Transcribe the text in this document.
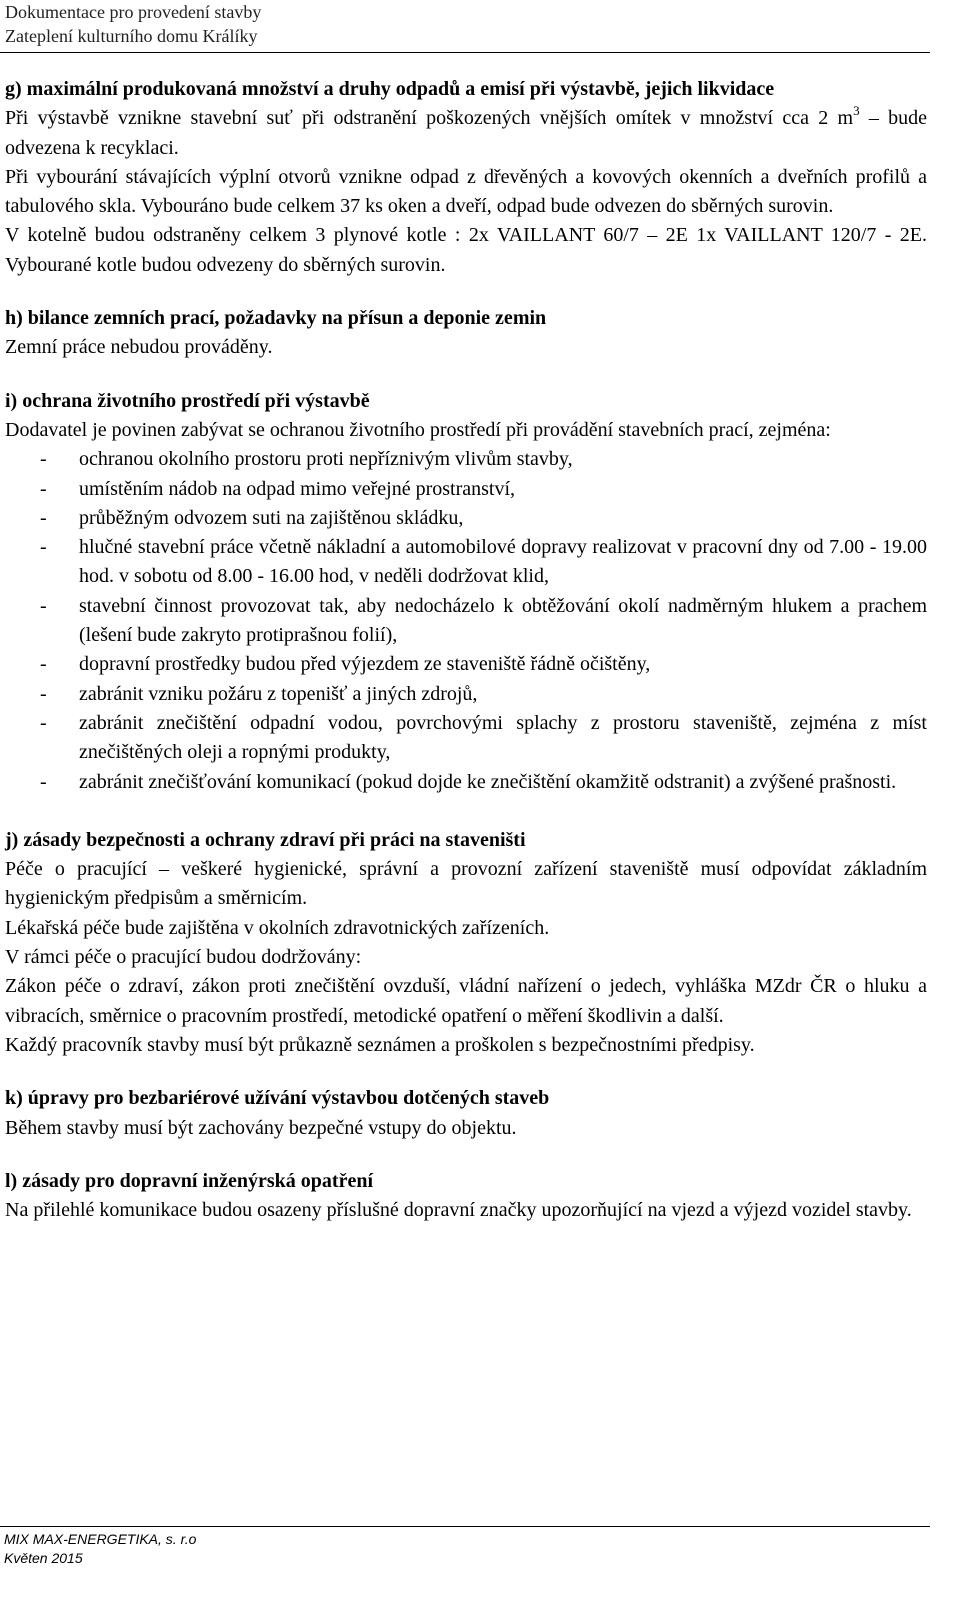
Dokumentace pro provedení stavby
Zateplení kulturního domu Králíky

g) maximální produkovaná množství a druhy odpadů a emisí při výstavbě, jejich likvidace

Při výstavbě vznikne stavební suť při odstranění poškozených vnějších omítek v množství cca 2 $m^3$ – bude odvezena k recyklaci.

Při vybourání stávajících výplní otvorů vznikne odpad z dřevěných a kovových okenních a dveřních profilů a tabulového skla. Vybouráno bude celkem 37 ks oken a dveří, odpad bude odvezen do sběrných surovin.

V kotelně budou odstraněny celkem 3 plynové kotle : 2x VAILLANT 60/7 – 2E 1x VAILLANT 120/7 - 2E. Vybourané kotle budou odvezeny do sběrných surovin.

h) bilance zemních prací, požadavky na přísun a deponie zemin

Zemní práce nebudou prováděny.

i) ochrana životního prostředí při výstavbě

Dodavatel je povinen zabývat se ochranou životního prostředí při provádění stavebních prací, zejména:

- ochranou okolního prostoru proti nepříznivým vlivům stavby,
- umístěním nádob na odpad mimo veřejné prostranství,
- průběžným odvozem suti na zajištěnou skládku,
- hlučné stavební práce včetně nákladní a automobilové dopravy realizovat v pracovní dny od 7.00 - 19.00 hod. v sobotu od 8.00 - 16.00 hod, v neděli dodržovat klid,
- stavební činnost provozovat tak, aby nedocházelo k obtěžování okolí nadměrným hlukem a prachem (lešení bude zakryto protiprašnou folií),
- dopravní prostředky budou před výjezdem ze staveniště řádně očištěny,
- zabránit vzniku požáru z topenišť a jiných zdrojů,
- zabránit znečištění odpadní vodou, povrchovými splachy z prostoru staveniště, zejména z míst znečištěných oleji a ropnými produkty,
- zabránit znečišťování komunikací (pokud dojde ke znečištění okamžitě odstranit) a zvýšené prašnosti.

j) zásady bezpečnosti a ochrany zdraví při práci na staveništi

Péče o pracující – veškeré hygienické, správní a provozní zařízení staveniště musí odpovídat základním hygienickým předpisům a směrnicím.

Lékařská péče bude zajištěna v okolních zdravotnických zařízeních.

V rámci péče o pracující budou dodržovány:

Zákon péče o zdraví, zákon proti znečištění ovzduší, vládní nařízení o jedech, vyhláška MZdr ČR o hluku a vibracích, směrnice o pracovním prostředí, metodické opatření o měření škodlivin a další.

Každý pracovník stavby musí být průkazně seznámen a proškolen s bezpečnostními předpisy.

k) úpravy pro bezbariérové užívání výstavbou dotčených staveb

Během stavby musí být zachovány bezpečné vstupy do objektu.

l) zásady pro dopravní inženýrská opatření

Na přilehlé komunikace budou osazeny příslušné dopravní značky upozorňující na vjezd a výjezd vozidel stavby.

MIX MAX-ENERGETIKA, s. r.o
Květen 2015
